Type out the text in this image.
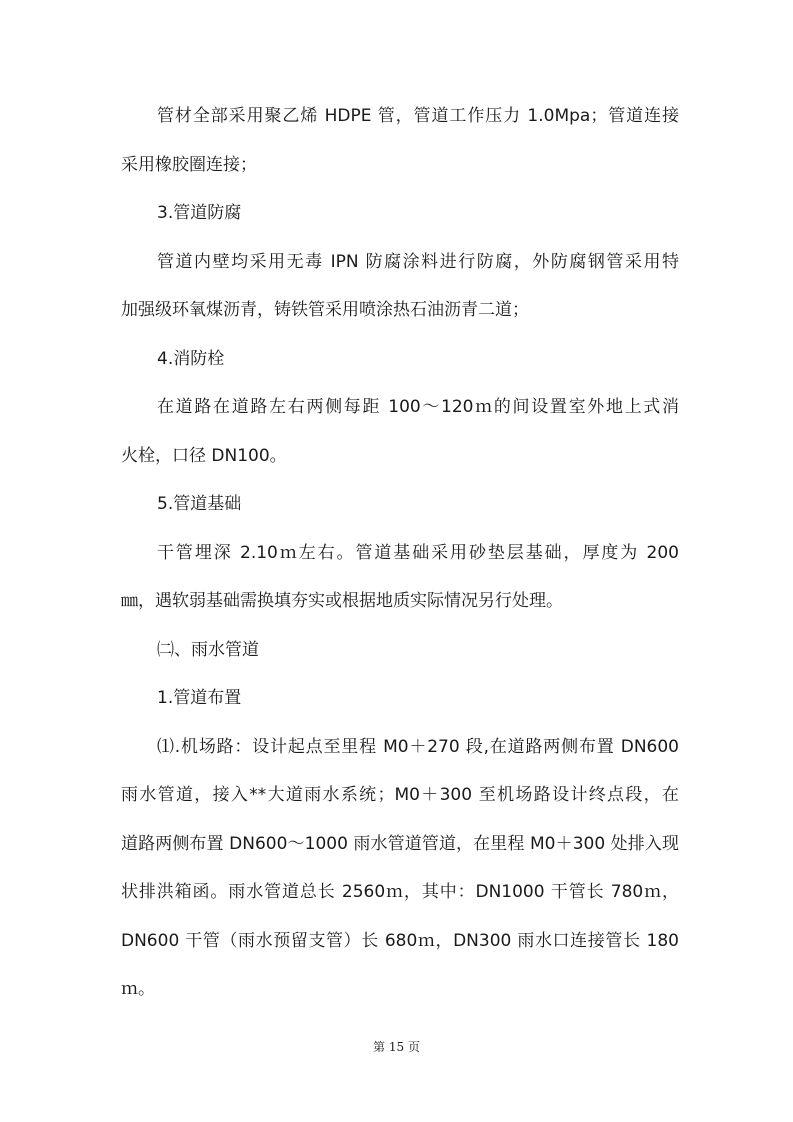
管材全部采用聚乙烯 HDPE 管，管道工作压力 1.0Mpa；管道连接
采用橡胶圈连接；
3.管道防腐
管道内壁均采用无毒 IPN 防腐涂料进行防腐，外防腐钢管采用特
加强级环氧煤沥青，铸铁管采用喷涂热石油沥青二道；
4.消防栓
在道路在道路左右两侧每距 100～120ｍ的间设置室外地上式消
火栓，口径 DN100。
5.管道基础
干管埋深 2.10ｍ左右。管道基础采用砂垫层基础，厚度为 200
㎜，遇软弱基础需换填夯实或根据地质实际情况另行处理。
㈡、雨水管道
1.管道布置
⑴.机场路：设计起点至里程 M0＋270 段,在道路两侧布置 DN600
雨水管道，接入**大道雨水系统；M0＋300 至机场路设计终点段，在
道路两侧布置 DN600～1000 雨水管道管道，在里程 M0＋300 处排入现
状排洪箱函。雨水管道总长 2560ｍ，其中：DN1000 干管长 780ｍ，
DN600 干管（雨水预留支管）长 680ｍ，DN300 雨水口连接管长 180
ｍ。
第 15 页
